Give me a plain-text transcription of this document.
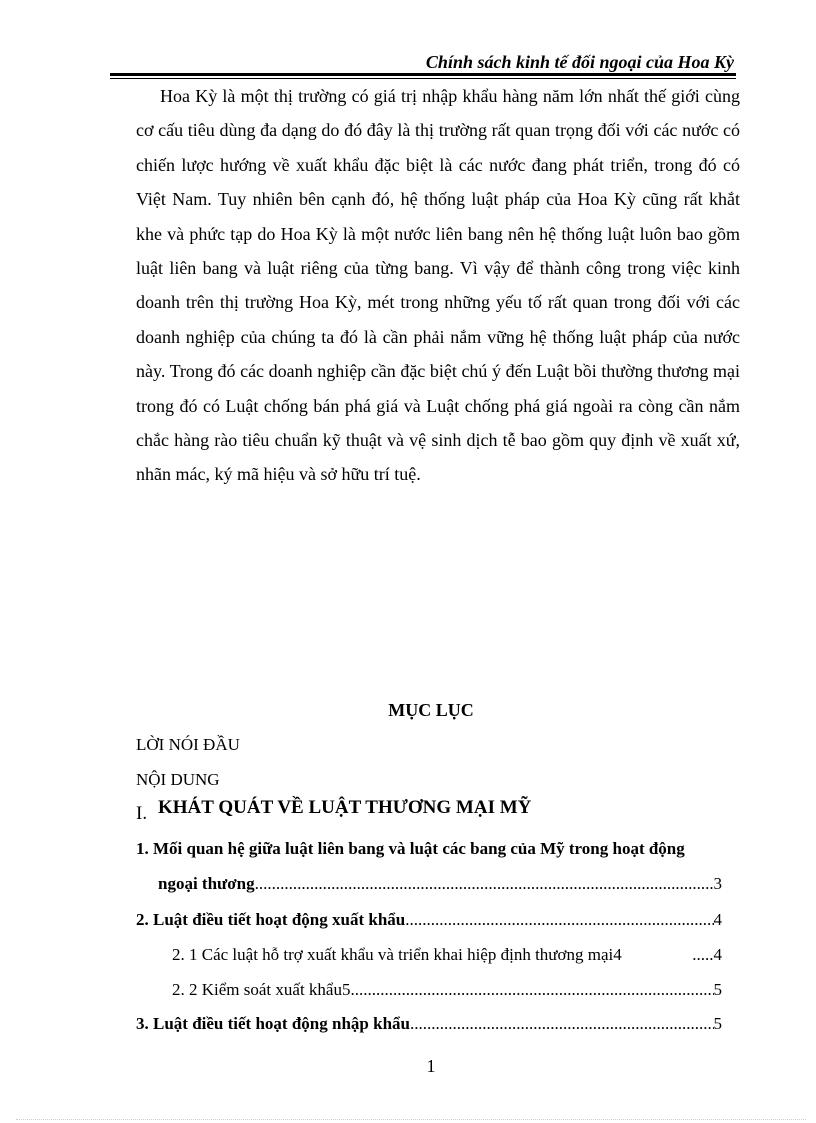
Chính sách kinh tế đối ngoại của Hoa Kỳ

Hoa Kỳ là một thị trường có giá trị nhập khẩu hàng năm lớn nhất thế giới cùng cơ cấu tiêu dùng đa dạng do đó đây là thị trường rất quan trọng đối với các nước có chiến lược hướng về xuất khẩu đặc biệt là các nước đang phát triển, trong đó có Việt Nam. Tuy nhiên bên cạnh đó, hệ thống luật pháp của Hoa Kỳ cũng rất khắt khe và phức tạp do Hoa Kỳ là một nước liên bang nên hệ thống luật luôn bao gồm luật liên bang và luật riêng của từng bang. Vì vậy để thành công trong việc kinh doanh trên thị trường Hoa Kỳ, mét trong những yếu tố rất quan trong đối với các doanh nghiệp của chúng ta đó là cần phải nắm vững hệ thống luật pháp của nước này. Trong đó các doanh nghiệp cần đặc biệt chú ý đến Luật bồi thường thương mại trong đó có Luật chống bán phá giá và Luật chống phá giá ngoài ra còng cần nắm chắc hàng rào tiêu chuẩn kỹ thuật và vệ sinh dịch tễ bao gồm quy định về xuất xứ, nhãn mác, ký mã hiệu và sở hữu trí tuệ.

MỤC LỤC
LỜI NÓI ĐẦU
NỘI DUNG
I. KHÁT QUÁT VỀ LUẬT THƯƠNG MẠI MỸ
1. Mối quan hệ giữa luật liên bang và luật các bang của Mỹ trong hoạt động
ngoại thương .....	3
2. Luật điều tiết hoạt động xuất khẩu .....	4
2. 1 Các luật hỗ trợ xuất khẩu và triển khai hiệp định thương mại4	.....4
2. 2 Kiểm soát xuất khẩu5 .....	5
3. Luật điều tiết hoạt động nhập khẩu .....	5
1
